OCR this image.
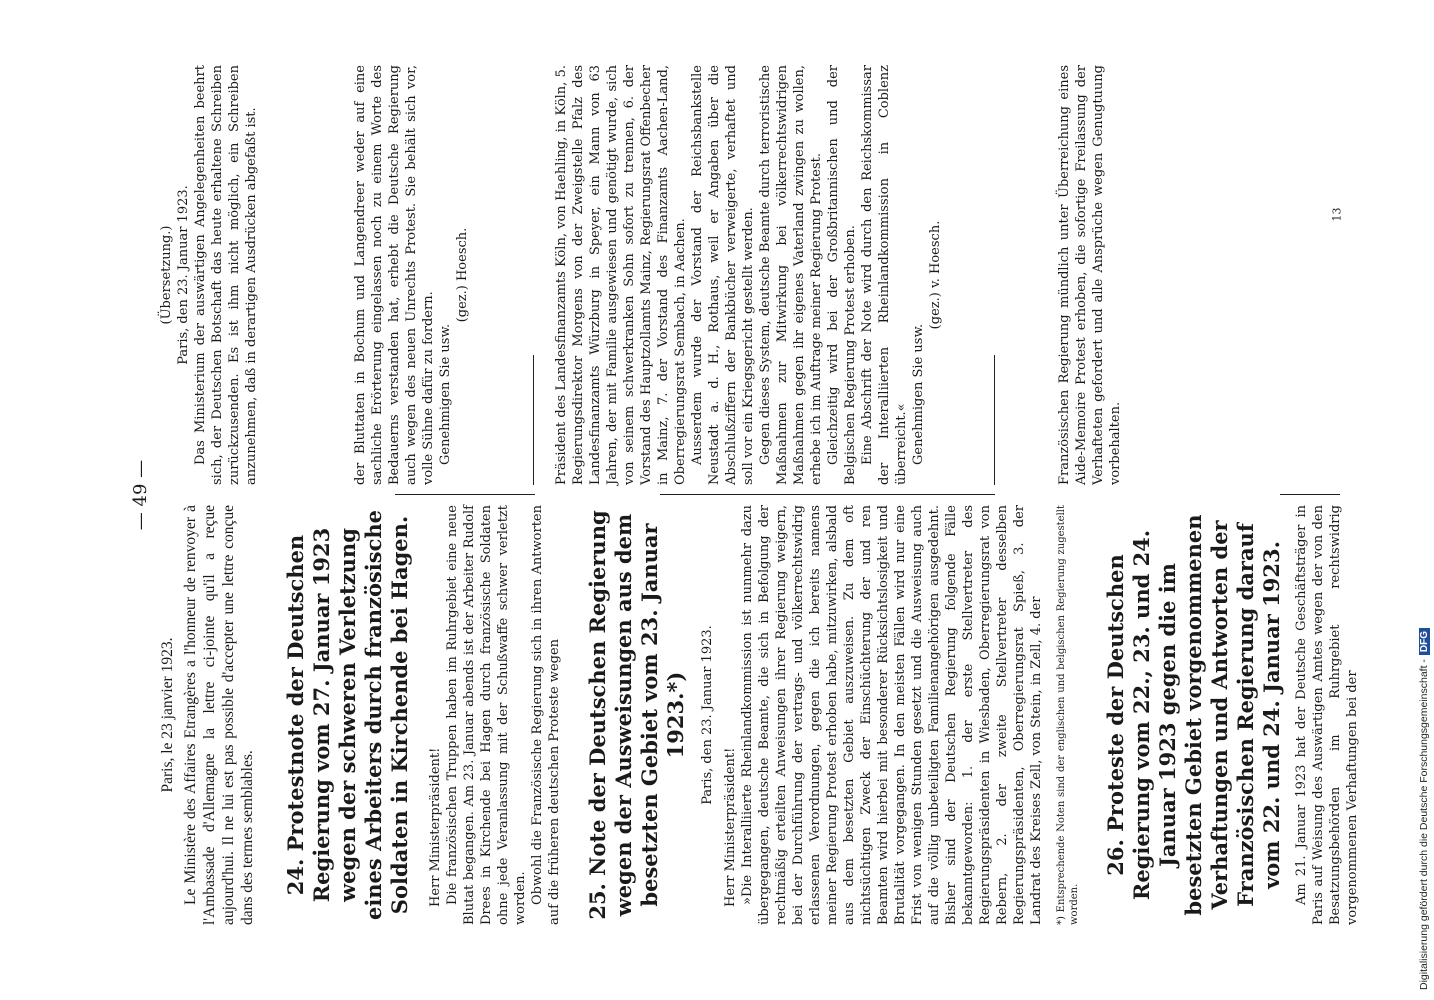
— 49 —
Paris, le 23 janvier 1923. Le Ministère des Affaires Etrangères a l'honneur de renvoyer à l'Ambassade d'Allemagne la lettre ci-jointe qu'il a reçue aujourd'hui. Il ne lui est pas possible d'accepter une lettre conçue dans des termes semblables. 24. Protestnote der Deutschen Regierung vom 27. Januar 1923 wegen der schweren Verletzung eines Arbeiters durch französische Soldaten in Kirchende bei Hagen. Herr Ministerpräsident! Die französischen Truppen haben im Ruhrgebiet eine neue Blutat begangen. Am 23. Januar abends ist der Arbeiter Rudolf Drees in Kirchende bei Hagen durch französische Soldaten ohne jede Veranlassung mit der Schußwaffe schwer verletzt worden. Obwohl die Französische Regierung sich in ihren Antworten auf die früheren deutschen Proteste wegen 25. Note der Deutschen Regierung wegen der Ausweisungen aus dem besetzten Gebiet vom 23. Januar 1923.*) Paris, den 23. Januar 1923.
Herr Ministerpräsident! »Die Interalliierte Rheinlandkommission ist nunmehr dazu übergegangen, deutsche Beamte, die sich in Befolgung der rechtmäßig erteilten Anweisungen ihrer Regierung weigern, bei der Durchführung der vertrags- und völkerrechtswidrig erlassenen Verordnungen, gegen die ich bereits namens meiner Regierung Protest erhoben habe, mitzuwirken, alsbald aus dem besetzten Gebiet auszuweisen. Zu dem oft nichtsüchtigen Zweck der Einschüchterung der und ren Beamten wird hierbei mit besonderer Rücksichtslosigkeit und Brutalität vorgegangen. In den meisten Fällen wird nur eine Frist von wenigen Stunden gesetzt und die Ausweisung auch auf die völlig unbeteiligten Familienangehörigen ausgedehnt. Bisher sind der Deutschen Regierung folgende Fälle bekanntgeworden: 1. der erste Stellvertreter des Regierungspräsidenten in Wiesbaden, Oberregierungsrat von Rebern, 2. der zweite Stellvertreter desselben Regierungspräsidenten, Oberregierungsrat Spieß, 3. der Landrat des Kreises Zell, von Stein, in Zell, 4. der *) Entsprechende Noten sind der englischen und belgischen Regierung zugestellt worden.
26. Proteste der Deutschen Regierung vom 22., 23. und 24. Januar 1923 gegen die im besetzten Gebiet vorgenommenen Verhaftungen und Antworten der Französischen Regierung darauf vom 22. und 24. Januar 1923. Am 21. Januar 1923 hat der Deutsche Geschäftsträger in Paris auf Weisung des Auswärtigen Amtes wegen der von den Besatzungsbehörden im Ruhrgebiet rechtswidrig vorgenommenen Verhaftungen bei der
(Übersetzung.) Paris, den 23. Januar 1923. Das Ministerium der auswärtigen Angelegenheiten beehrt sich, der Deutschen Botschaft das heute erhaltene Schreiben zurückzusenden. Es ist ihm nicht möglich, ein Schreiben anzunehmen, daß in derartigen Ausdrücken abgefaßt ist.	der Bluttaten in Bochum und Langendreer weder auf eine sachliche Erörterung eingelassen noch zu einem Worte des Bedauerns verstanden hat, erhebt die Deutsche Regierung auch wegen des neuen Unrechts Protest. Sie behält sich vor, volle Sühne dafür zu fordern. Genehmigen Sie usw.
(gez.) Hoesch.	Präsident des Landesfinanzamts Köln, von Haehling, in Köln, 5. Regierungsdirektor Morgens von der Zweigstelle Pfalz des Landesfinanzamts Würzburg in Speyer, ein Mann von 63 Jahren, der mit Familie ausgewiesen und genötigt wurde, sich von seinem schwerkranken Sohn sofort zu trennen, 6. der Vorstand des Hauptzollamts Mainz, Regierungsrat Offenbecher in Mainz, 7. der Vorstand des Finanzamts Aachen-Land, Oberregierungsrat Sembach, in Aachen. Ausserdem wurde der Vorstand der Reichsbankstelle Neustadt a. d. H., Rothaus, weil er Angaben über die Abschlußziffern der Bankbücher verweigerte, verhaftet und soll vor ein Kriegsgericht gestellt werden. Gegen dieses System, deutsche Beamte durch terroristische Maßnahmen zur Mitwirkung bei völkerrechtswidrigen Maßnahmen gegen ihr eigenes Vaterland zwingen zu wollen, erhebe ich im Auftrage meiner Regierung Protest. Gleichzeitig wird bei der Großbritannischen und der Belgischen Regierung Protest erhoben. Eine Abschrift der Note wird durch den Reichskommissar der Interalliierten Rheinlandkommission in Coblenz überreicht.« Genehmigen Sie usw.
(gez.) v. Hoesch.	Französischen Regierung mündlich unter Überreichung eines Aide-Memoire Protest erhoben, die sofortige Freilassung der Verhafteten gefordert und alle Ansprüche wegen Genugtuung vorbehalten.
13
Digitalisierung gefördert durch die Deutsche Forschungsgemeinschaft -DFG
